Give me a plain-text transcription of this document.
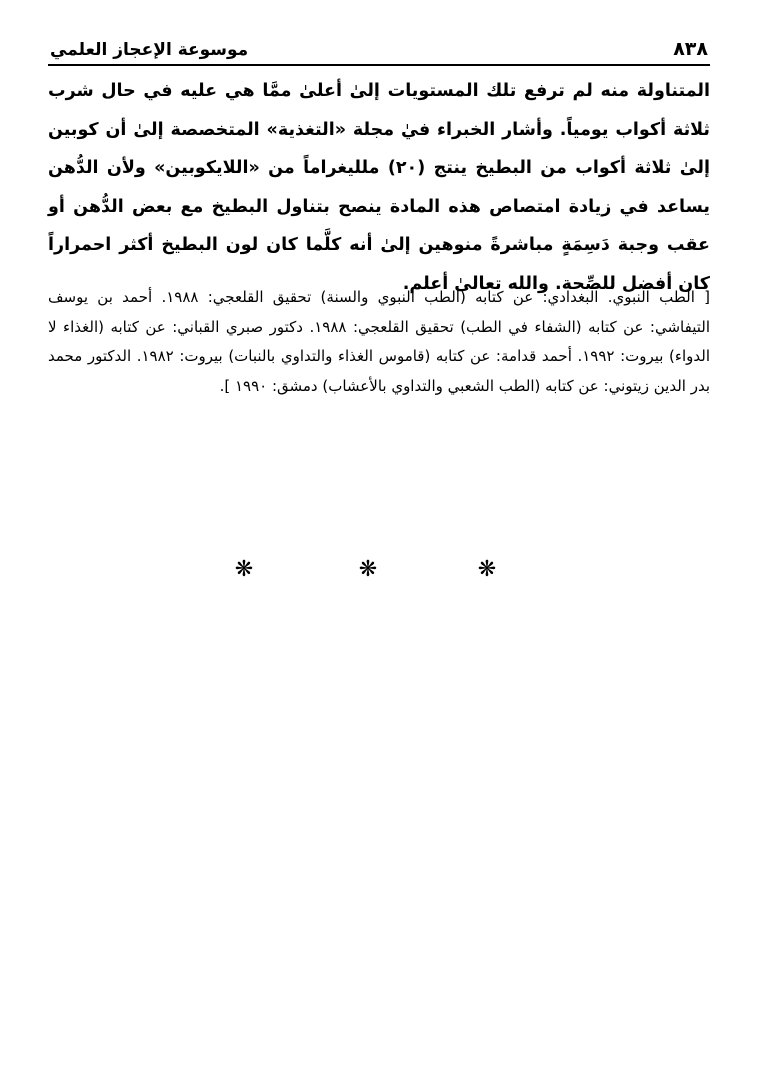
٨٣٨
موسوعة الإعجاز العلمي

المتناولة منه لم ترفع تلك المستويات إلىٰ أعلىٰ ممَّا هي عليه في حال شرب ثلاثة أكواب يومياً. وأشار الخبراء فيٰ مجلة «التغذية» المتخصصة إلىٰ أن كوبين إلىٰ ثلاثة أكواب من البطيخ ينتج (٢٠) ملليغراماً من «اللايكوبين» ولأن الدُّهن يساعد في زيادة امتصاص هذه المادة ينصح بتناول البطيخ مع بعض الدُّهن أو عقب وجبة دَسِمَةٍ مباشرةً منوهين إلىٰ أنه كلَّما كان لون البطيخ أكثر احمراراً كان أفضل للصِّحة. والله تعالىٰ أعلم.

[ الطب النبوي. البغدادي: عن كتابه (الطب النبوي والسنة) تحقيق القلعجي: ١٩٨٨. أحمد بن يوسف التيفاشي: عن كتابه (الشفاء في الطب) تحقيق القلعجي: ١٩٨٨. دكتور صبري القباني: عن كتابه (الغذاء لا الدواء) بيروت: ١٩٩٢. أحمد قدامة: عن كتابه (قاموس الغذاء والتداوي بالنبات) بيروت: ١٩٨٢. الدكتور محمد بدر الدين زيتوني: عن كتابه (الطب الشعبي والتداوي بالأعشاب) دمشق: ١٩٩٠ ].

❋	❋	❋
